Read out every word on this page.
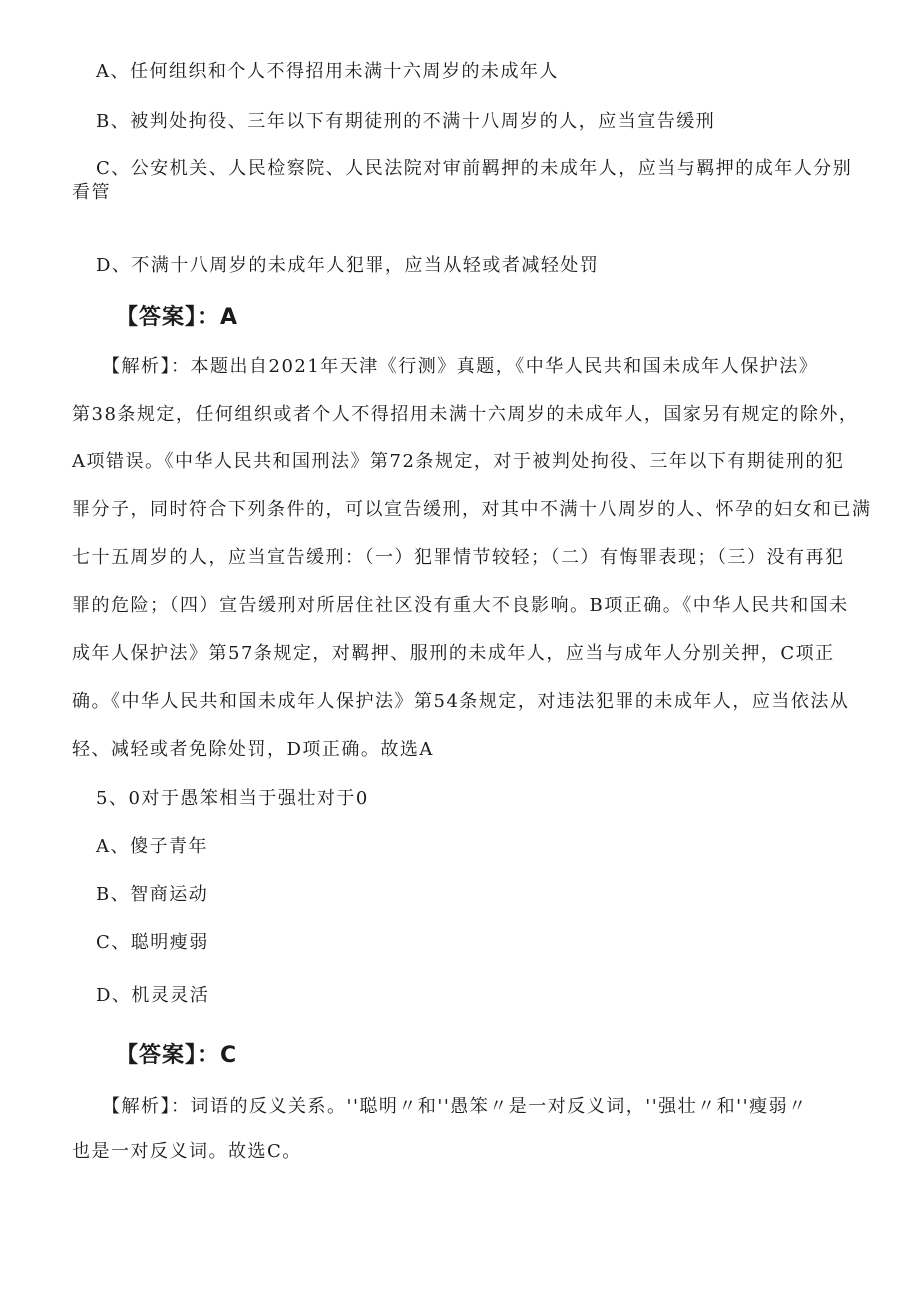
A、任何组织和个人不得招用未满十六周岁的未成年人
B、被判处拘役、三年以下有期徒刑的不满十八周岁的人，应当宣告缓刑
C、公安机关、人民检察院、人民法院对审前羁押的未成年人，应当与羁押的成年人分别
看管
D、不满十八周岁的未成年人犯罪，应当从轻或者减轻处罚
【答案】：A
【解析】：本题出自2021年天津《行测》真题，《中华人民共和国未成年人保护法》
第38条规定，任何组织或者个人不得招用未满十六周岁的未成年人，国家另有规定的除外，
A项错误。《中华人民共和国刑法》第72条规定，对于被判处拘役、三年以下有期徒刑的犯
罪分子，同时符合下列条件的，可以宣告缓刑，对其中不满十八周岁的人、怀孕的妇女和已满
七十五周岁的人，应当宣告缓刑：（一）犯罪情节较轻；（二）有悔罪表现；（三）没有再犯
罪的危险；（四）宣告缓刑对所居住社区没有重大不良影响。B项正确。《中华人民共和国未
成年人保护法》第57条规定，对羁押、服刑的未成年人，应当与成年人分别关押，C项正
确。《中华人民共和国未成年人保护法》第54条规定，对违法犯罪的未成年人，应当依法从
轻、减轻或者免除处罚，D项正确。故选A
5、0对于愚笨相当于强壮对于0
A、傻子青年
B、智商运动
C、聪明瘦弱
D、机灵灵活
【答案】：C
【解析】：词语的反义关系。''聪明〃和''愚笨〃是一对反义词，''强壮〃和''瘦弱〃
也是一对反义词。故选C。
